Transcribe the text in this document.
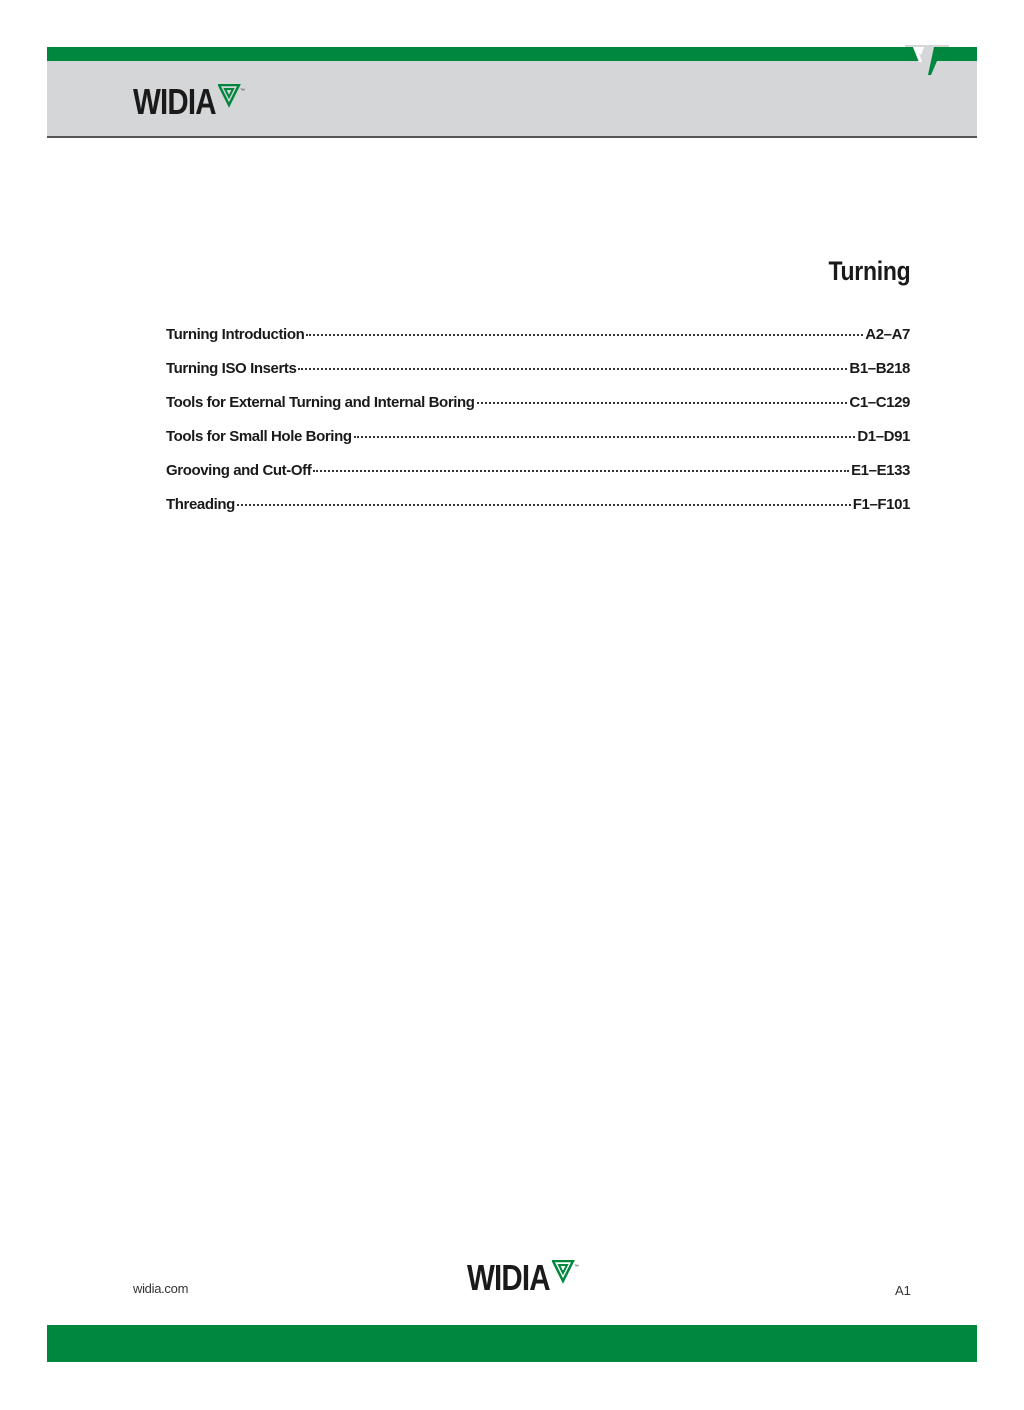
WIDIA	™
Turning
Turning Introduction	A2–A7
Turning ISO Inserts	B1–B218
Tools for External Turning and Internal Boring	C1–C129
Tools for Small Hole Boring	D1–D91
Grooving and Cut-Off	E1–E133
Threading	F1–F101
widia.com	WIDIA	™
A1
